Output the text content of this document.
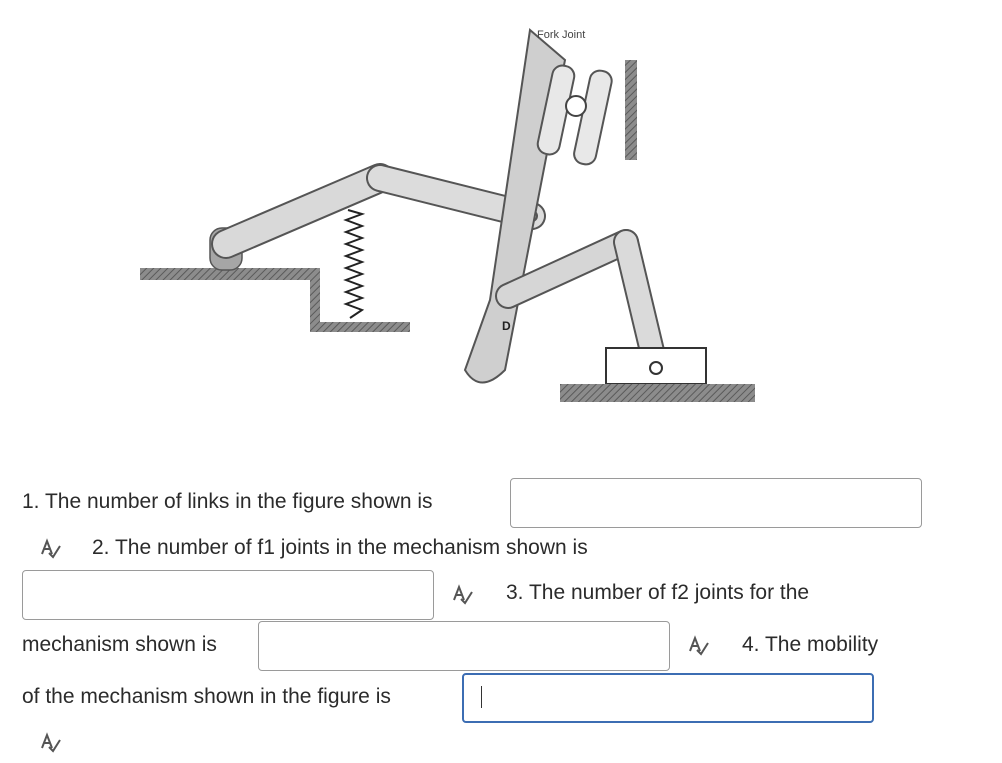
D
Fork Joint
1. The number of links in the figure shown is
2. The number of f1 joints in the mechanism shown is
3. The number of f2 joints for the
mechanism shown is	4. The mobility
of the mechanism shown in the figure is
